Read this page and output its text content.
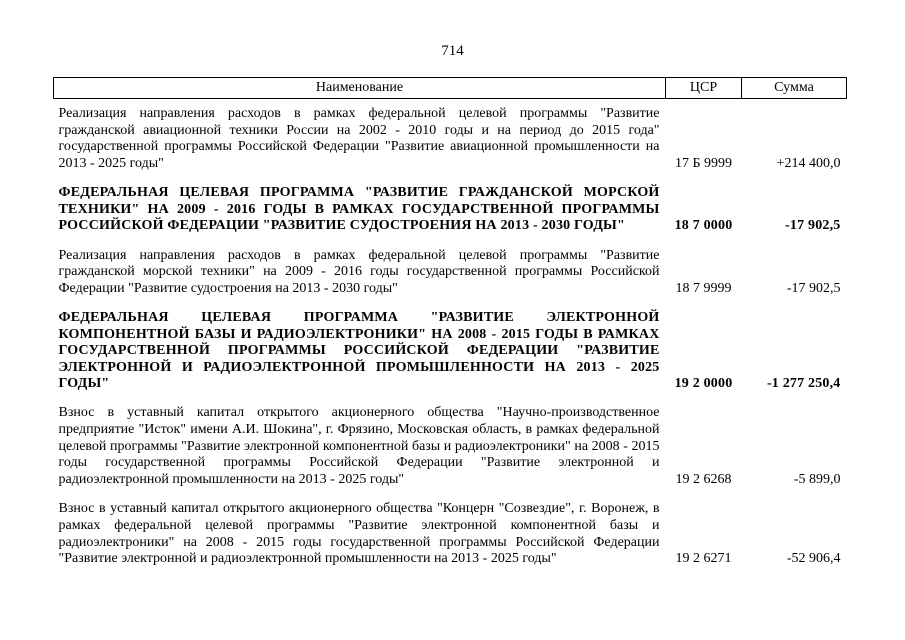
714
Наименование	ЦСР	Сумма
Реализация направления расходов в рамках федеральной целевой программы "Развитие гражданской авиационной техники России на 2002 - 2010 годы и на период до 2015 года" государственной программы Российской Федерации "Развитие авиационной промышленности на 2013 - 2025 годы"	17 Б 9999	+214 400,0
ФЕДЕРАЛЬНАЯ ЦЕЛЕВАЯ ПРОГРАММА "РАЗВИТИЕ ГРАЖДАНСКОЙ МОРСКОЙ ТЕХНИКИ" НА 2009 - 2016 ГОДЫ В РАМКАХ ГОСУДАРСТВЕННОЙ ПРОГРАММЫ РОССИЙСКОЙ ФЕДЕРАЦИИ "РАЗВИТИЕ СУДОСТРОЕНИЯ НА 2013 - 2030 ГОДЫ"	18 7 0000	-17 902,5
Реализация направления расходов в рамках федеральной целевой программы "Развитие гражданской морской техники" на 2009 - 2016 годы государственной программы Российской Федерации "Развитие судостроения на 2013 - 2030 годы"	18 7 9999	-17 902,5
ФЕДЕРАЛЬНАЯ ЦЕЛЕВАЯ ПРОГРАММА "РАЗВИТИЕ ЭЛЕКТРОННОЙ КОМПОНЕНТНОЙ БАЗЫ И РАДИОЭЛЕКТРОНИКИ" НА 2008 - 2015 ГОДЫ В РАМКАХ ГОСУДАРСТВЕННОЙ ПРОГРАММЫ РОССИЙСКОЙ ФЕДЕРАЦИИ "РАЗВИТИЕ ЭЛЕКТРОННОЙ И РАДИОЭЛЕКТРОННОЙ ПРОМЫШЛЕННОСТИ НА 2013 - 2025 ГОДЫ"	19 2 0000	-1 277 250,4
Взнос в уставный капитал открытого акционерного общества "Научно-производственное предприятие "Исток" имени А.И. Шокина", г. Фрязино, Московская область, в рамках федеральной целевой программы "Развитие электронной компонентной базы и радиоэлектроники" на 2008 - 2015 годы государственной программы Российской Федерации "Развитие электронной и радиоэлектронной промышленности на 2013 - 2025 годы"	19 2 6268	-5 899,0
Взнос в уставный капитал открытого акционерного общества "Концерн "Созвездие", г. Воронеж, в рамках федеральной целевой программы "Развитие электронной компонентной базы и радиоэлектроники" на 2008 - 2015 годы государственной программы Российской Федерации "Развитие электронной и радиоэлектронной промышленности на 2013 - 2025 годы"	19 2 6271	-52 906,4
